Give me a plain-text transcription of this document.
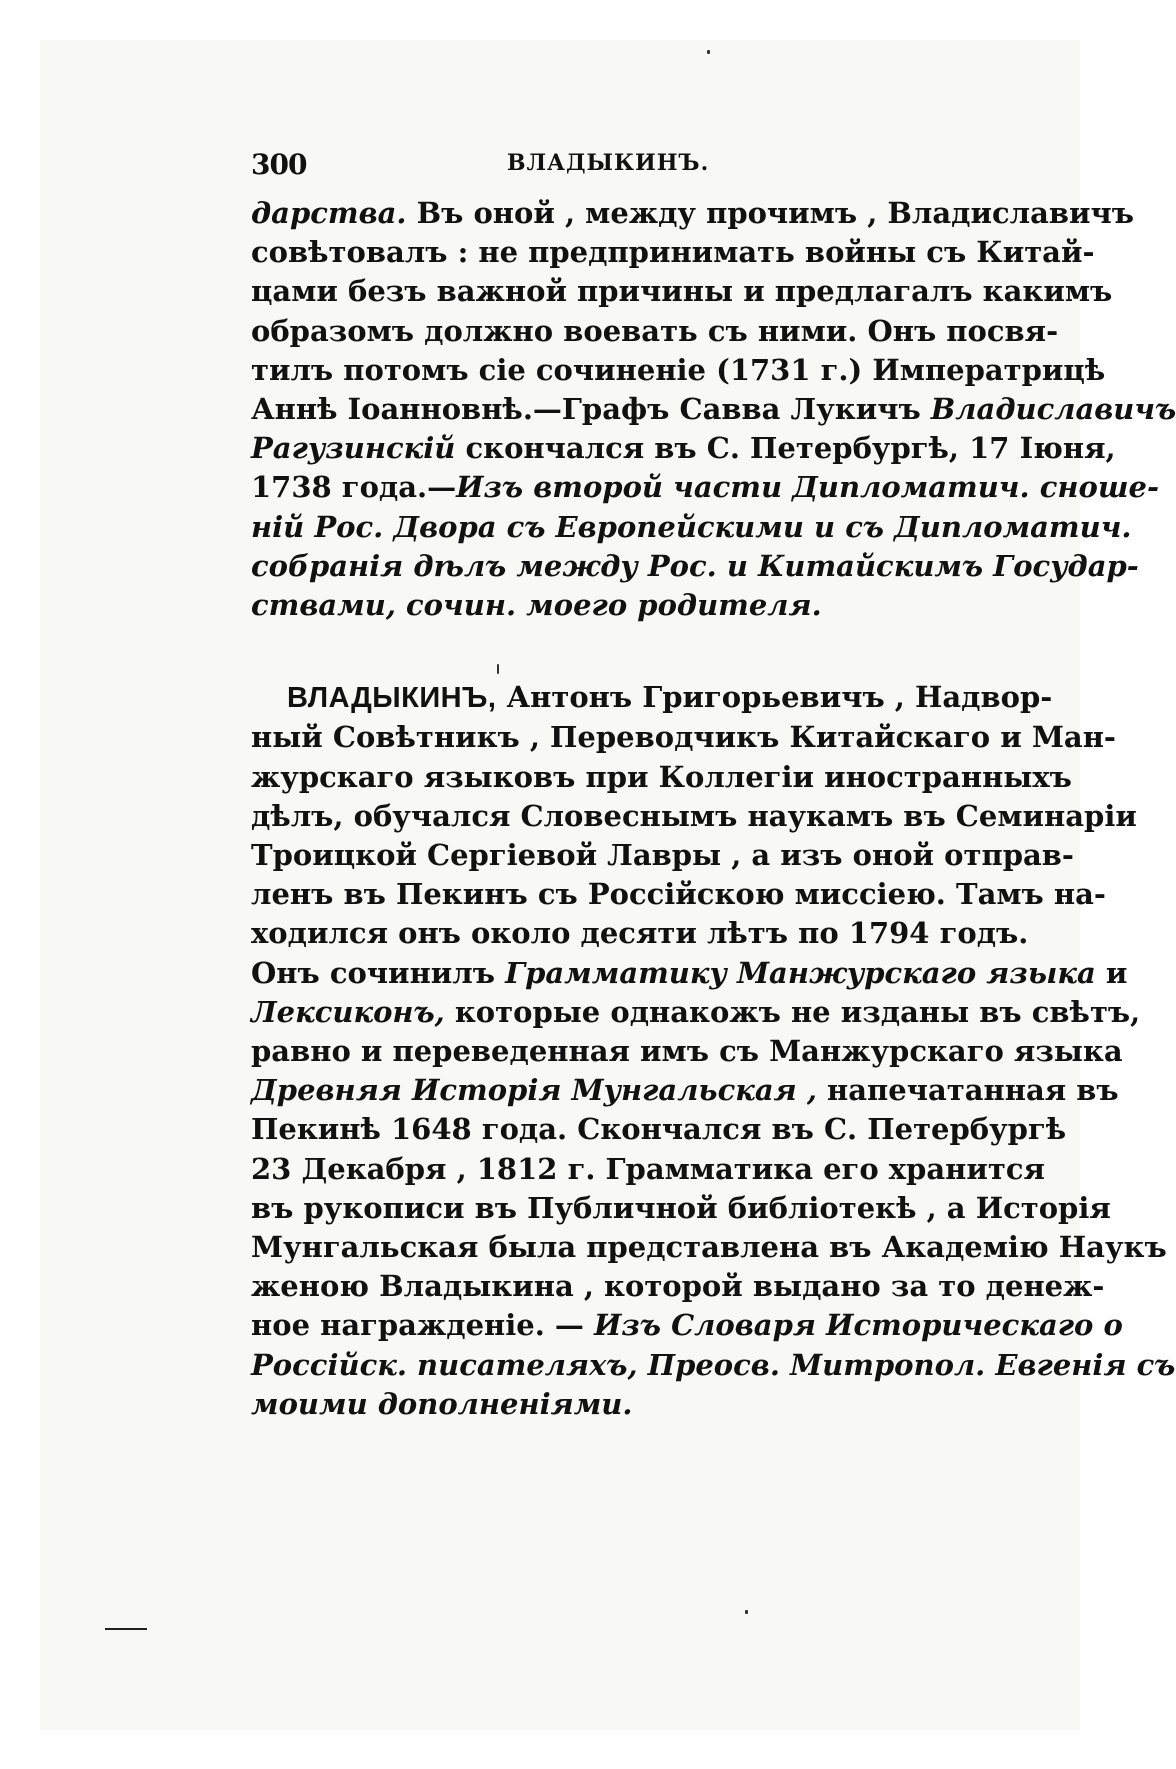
300	ВЛАДЫКИНЪ.
дарства. Въ оной , между прочимъ , Владиславичъ
совѣтовалъ : не предпринимать войны съ Китай-
цами безъ важной причины и предлагалъ какимъ
образомъ должно воевать съ ними. Онъ посвя-
тилъ потомъ сіе сочиненіе (1731 г.) Императрицѣ
Аннѣ Іоанновнѣ.—Графъ Савва Лукичъ Владиславичъ
Рагузинскій скончался въ С. Петербургѣ, 17 Іюня,
1738 года.—Изъ второй части Дипломатич. сноше-
ній Рос. Двора съ Европейскими и съ Дипломатич.
собранія дѣлъ между Рос. и Китайскимъ Государ-
ствами, сочин. моего родителя.
ВЛАДЫКИНЪ, Антонъ Григорьевичъ , Надвор-
ный Совѣтникъ , Переводчикъ Китайскаго и Ман-
журскаго языковъ при Коллегіи иностранныхъ
дѣлъ, обучался Словеснымъ наукамъ въ Семинаріи
Троицкой Сергіевой Лавры , а изъ оной отправ-
ленъ въ Пекинъ съ Россійскою миссіею. Тамъ на-
ходился онъ около десяти лѣтъ по 1794 годъ.
Онъ сочинилъ Грамматику Манжурскаго языка и
Лексиконъ, которые однакожъ не изданы въ свѣтъ,
равно и переведенная имъ съ Манжурскаго языка
Древняя Исторія Мунгальская , напечатанная въ
Пекинѣ 1648 года. Скончался въ С. Петербургѣ
23 Декабря , 1812 г. Грамматика его хранится
въ рукописи въ Публичной библіотекѣ , а Исторія
Мунгальская была представлена въ Академію Наукъ
женою Владыкина , которой выдано за то денеж-
ное награжденіе. — Изъ Словаря Историческаго о
Россійск. писателяхъ, Преосв. Митропол. Евгенія съ
моими дополненіями.
